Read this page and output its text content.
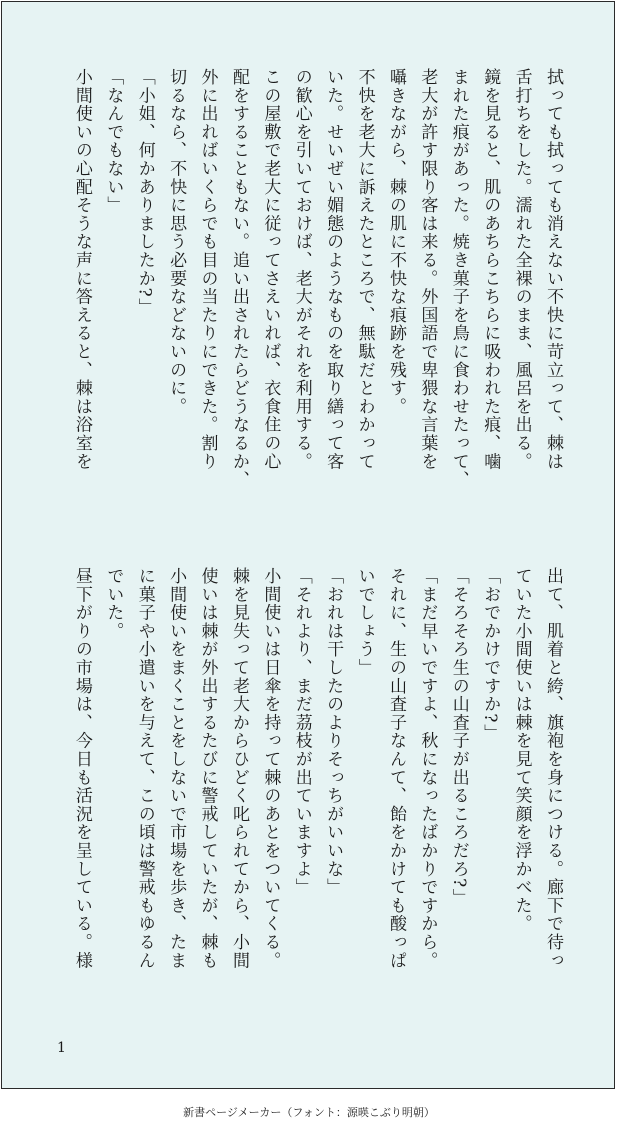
拭っても拭っても消えない不快に苛立って、棘は
舌打ちをした。濡れた全裸のまま、風呂を出る。
鏡を見ると、肌のあちらこちらに吸われた痕、噛
まれた痕があった。焼き菓子を鳥に食わせたって、
老大が許す限り客は来る。外国語で卑猥な言葉を
囁きながら、棘の肌に不快な痕跡を残す。
不快を老大に訴えたところで、無駄だとわかって
いた。せいぜい媚態のようなものを取り繕って客
の歓心を引いておけば、老大がそれを利用する。
この屋敷で老大に従ってさえいれば、衣食住の心
配をすることもない。追い出されたらどうなるか、
外に出ればいくらでも目の当たりにできた。割り
切るなら、不快に思う必要などないのに。
「小姐、何かありましたか?」
「なんでもない」
小間使いの心配そうな声に答えると、棘は浴室を
出て、肌着と絝、旗袍を身につける。廊下で待っ
ていた小間使いは棘を見て笑顔を浮かべた。
「おでかけですか?」
「そろそろ生の山査子が出るころだろ?」
「まだ早いですよ、秋になったばかりですから。
それに、生の山査子なんて、飴をかけても酸っぱ
いでしょう」
「おれは干したのよりそっちがいいな」
「それより、まだ茘枝が出ていますよ」
小間使いは日傘を持って棘のあとをついてくる。
棘を見失って老大からひどく叱られてから、小間
使いは棘が外出するたびに警戒していたが、棘も
小間使いをまくことをしないで市場を歩き、たま
に菓子や小遣いを与えて、この頃は警戒もゆるん
でいた。
昼下がりの市場は、今日も活況を呈している。様
1
新書ページメーカー（フォント：源暎こぶり明朝）
